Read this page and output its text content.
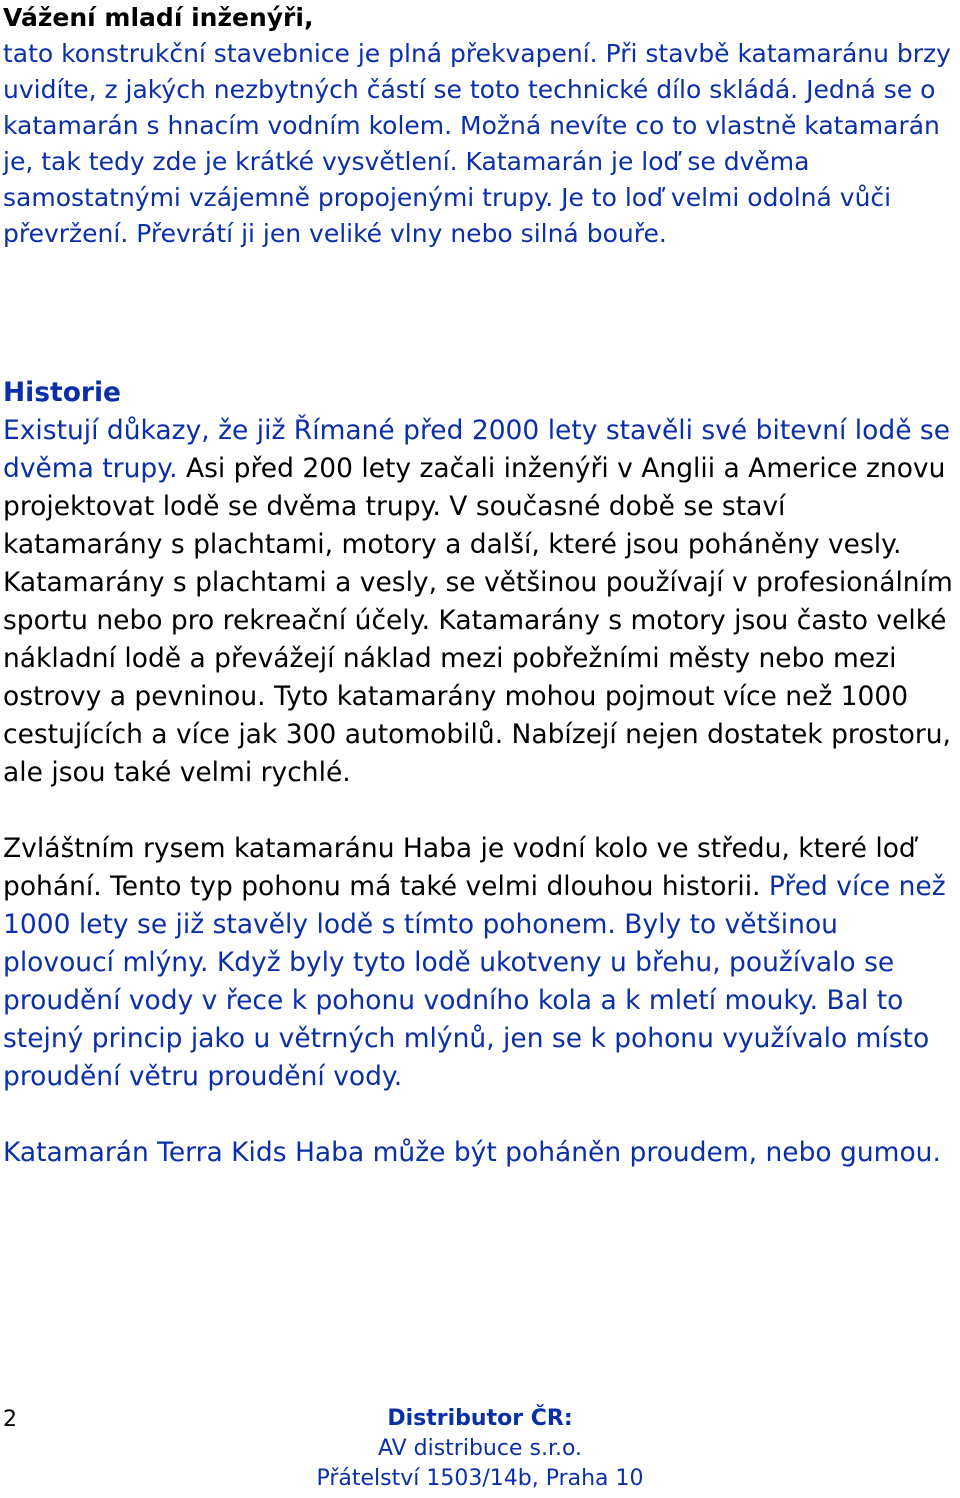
Vážení mladí inženýři,
tato konstrukční stavebnice je plná překvapení. Při stavbě katamaránu brzy uvidíte, z jakých nezbytných částí se toto technické dílo skládá. Jedná se o katamarán s hnacím vodním kolem. Možná nevíte co to vlastně katamarán je, tak tedy zde je krátké vysvětlení. Katamarán je loď se dvěma samostatnými vzájemně propojenými trupy. Je to loď velmi odolná vůči převržení. Převrátí ji jen veliké vlny nebo silná bouře.
Historie
Existují důkazy, že již Římané před 2000 lety stavěli své bitevní lodě se dvěma trupy. Asi před 200 lety začali inženýři v Anglii a Americe znovu projektovat lodě se dvěma trupy. V současné době se staví katamarány s plachtami, motory a další, které jsou poháněny vesly. Katamarány s plachtami a vesly, se většinou používají v profesionálním sportu nebo pro rekreační účely. Katamarány s motory jsou často velké nákladní lodě a převážejí náklad mezi pobřežními městy nebo mezi ostrovy a pevninou. Tyto katamarány mohou pojmout více než 1000 cestujících a více jak 300 automobilů. Nabízejí nejen dostatek prostoru, ale jsou také velmi rychlé.
Zvláštním rysem katamaránu Haba je vodní kolo ve středu, které loď pohání. Tento typ pohonu má také velmi dlouhou historii. Před více než 1000 lety se již stavěly lodě s tímto pohonem. Byly to většinou plovoucí mlýny. Když byly tyto lodě ukotveny u břehu, používalo se proudění vody v řece k pohonu vodního kola a k mletí mouky. Bal to stejný princip jako u větrných mlýnů, jen se k pohonu využívalo místo proudění větru proudění vody.
Katamarán Terra Kids Haba může být poháněn proudem, nebo gumou.
2	Distributor ČR:
AV distribuce s.r.o.
Přátelství 1503/14b, Praha 10
